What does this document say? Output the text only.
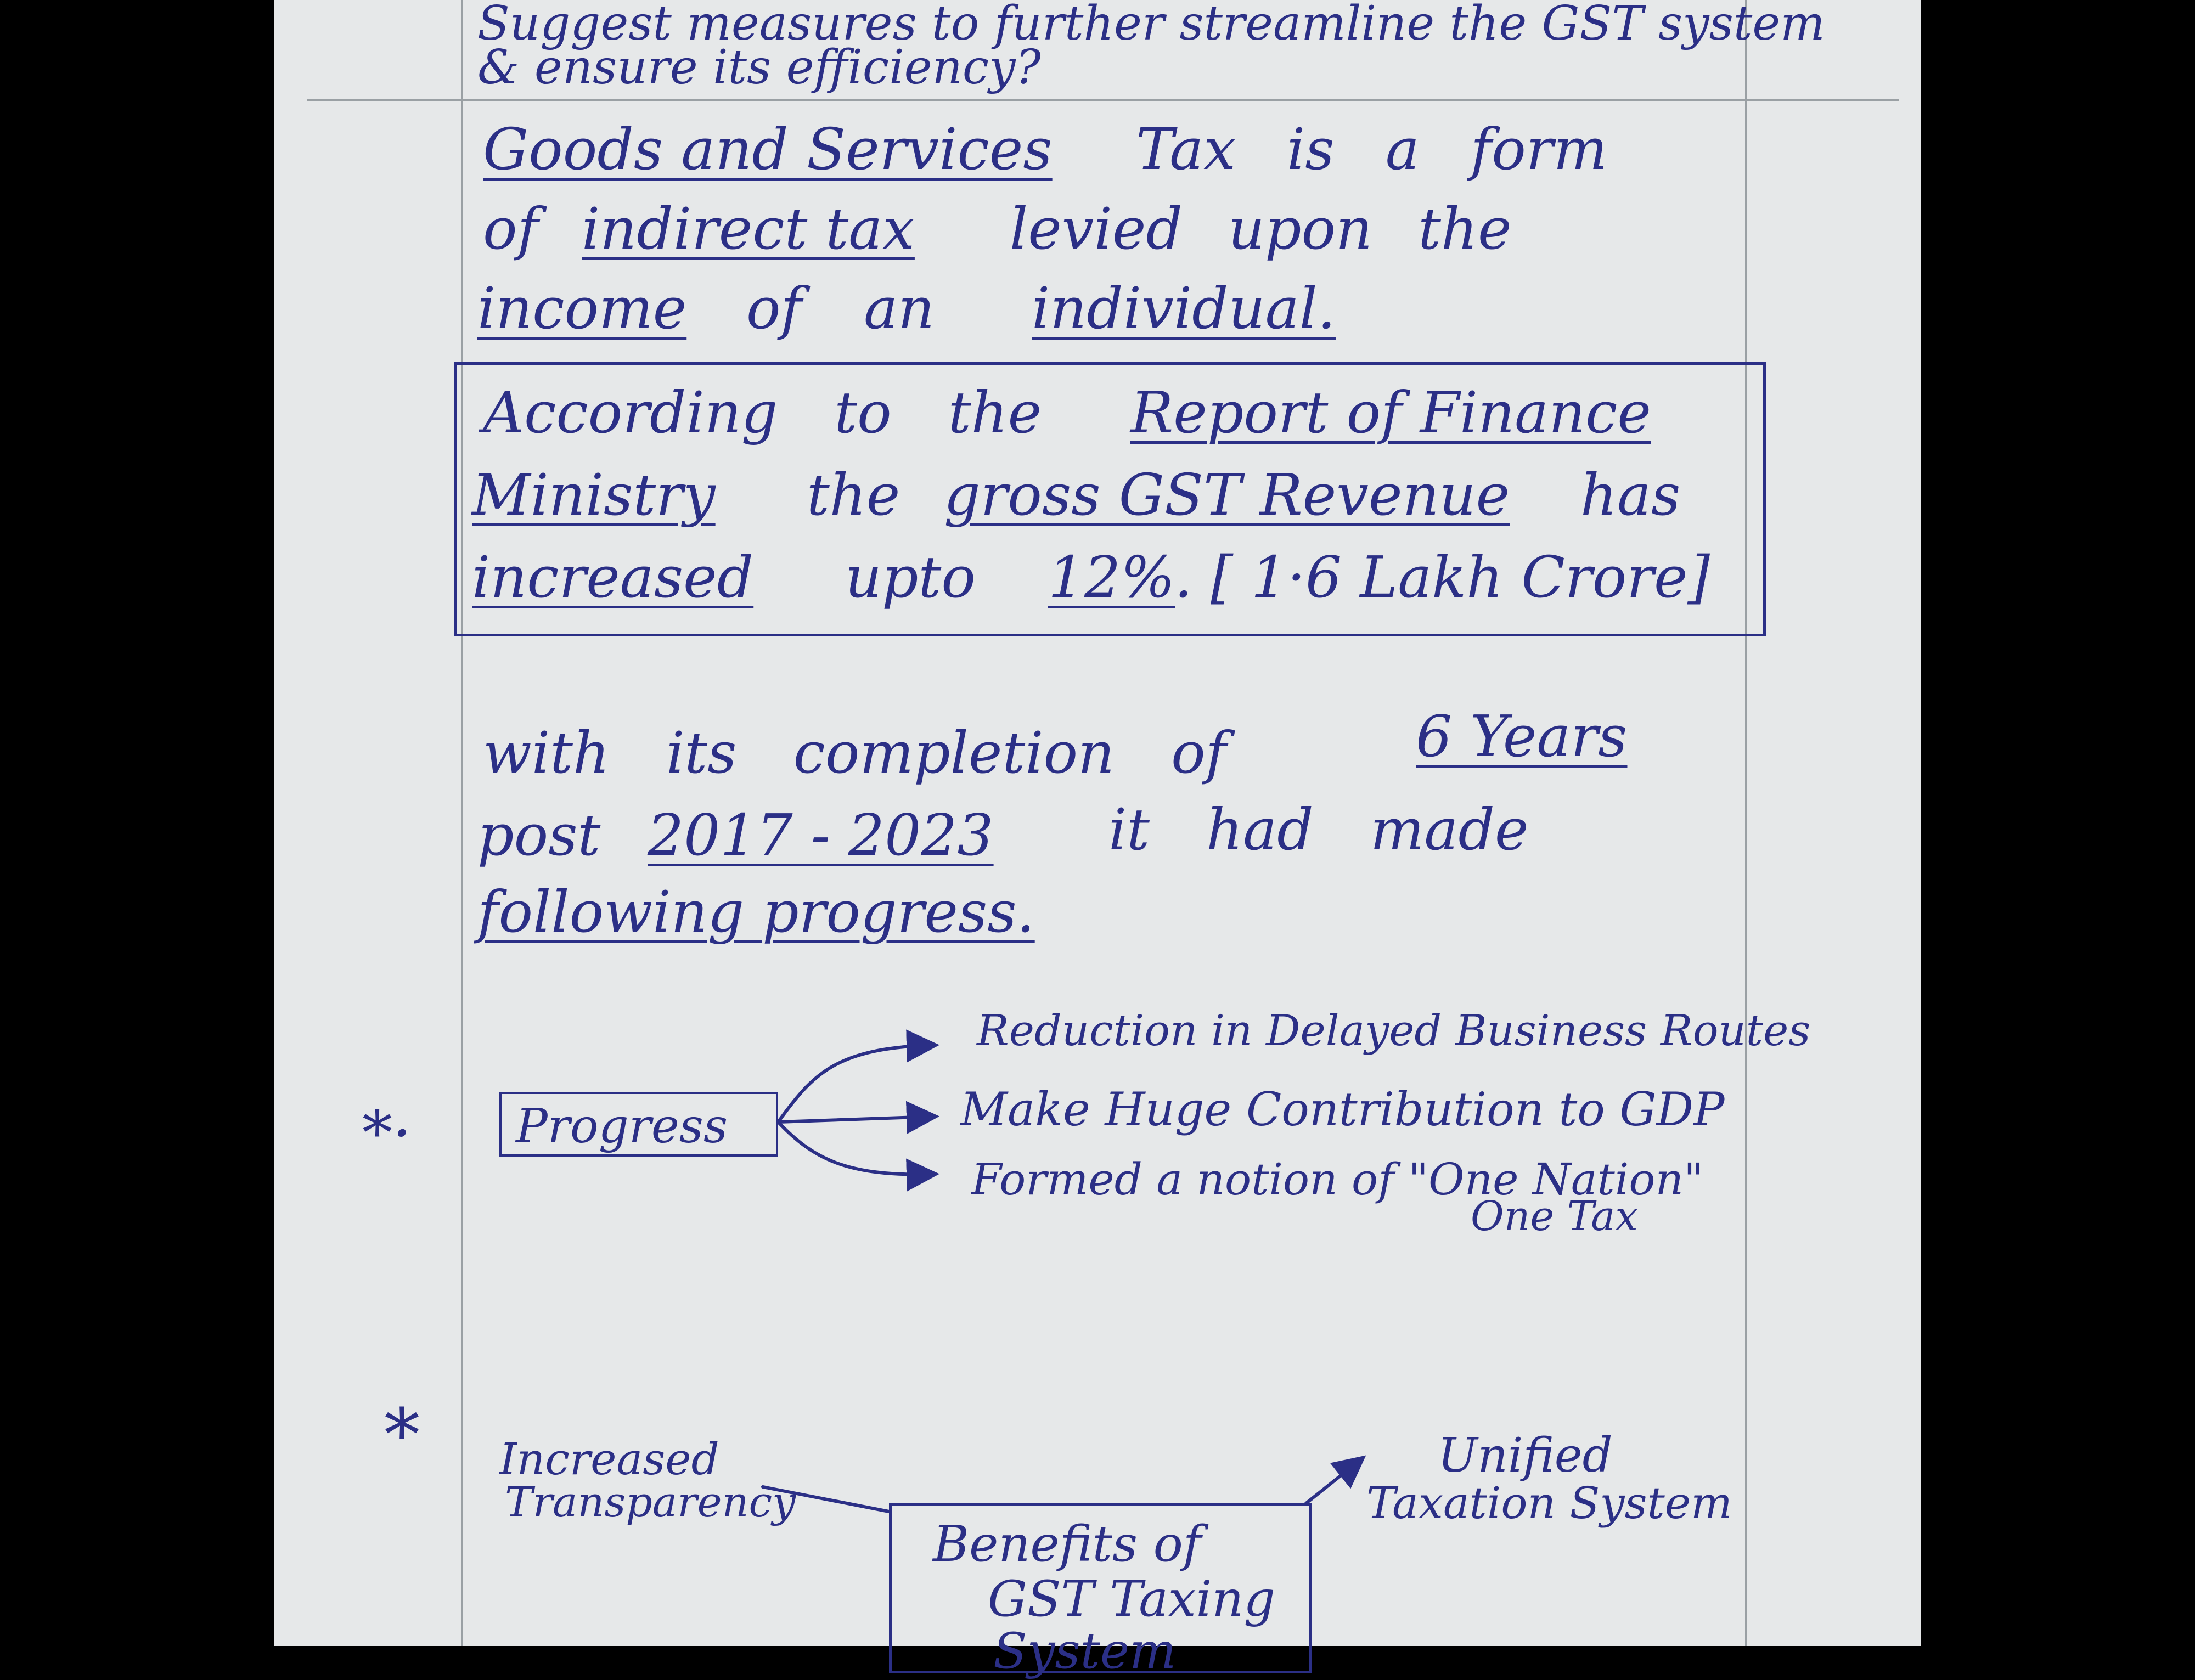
Suggest measures to further streamline the GST system
& ensure its efficiency?
Goods and Services Tax is a form
of indirect tax levied upon the
income of an individual.
According to the Report of Finance
Ministry the gross GST Revenue has
increased upto 12%
. [ 1·6 Lakh Crore]
with its completion of	6 Years
post 2017 - 2023 it had made
following progress.
*· Progress
Reduction in Delayed Business Routes
Make Huge Contribution to GDP
Formed a notion of "One Nation"
One Tax
* Increased
Transparency
Unified
Taxation System
Benefits of
GST Taxing
System
